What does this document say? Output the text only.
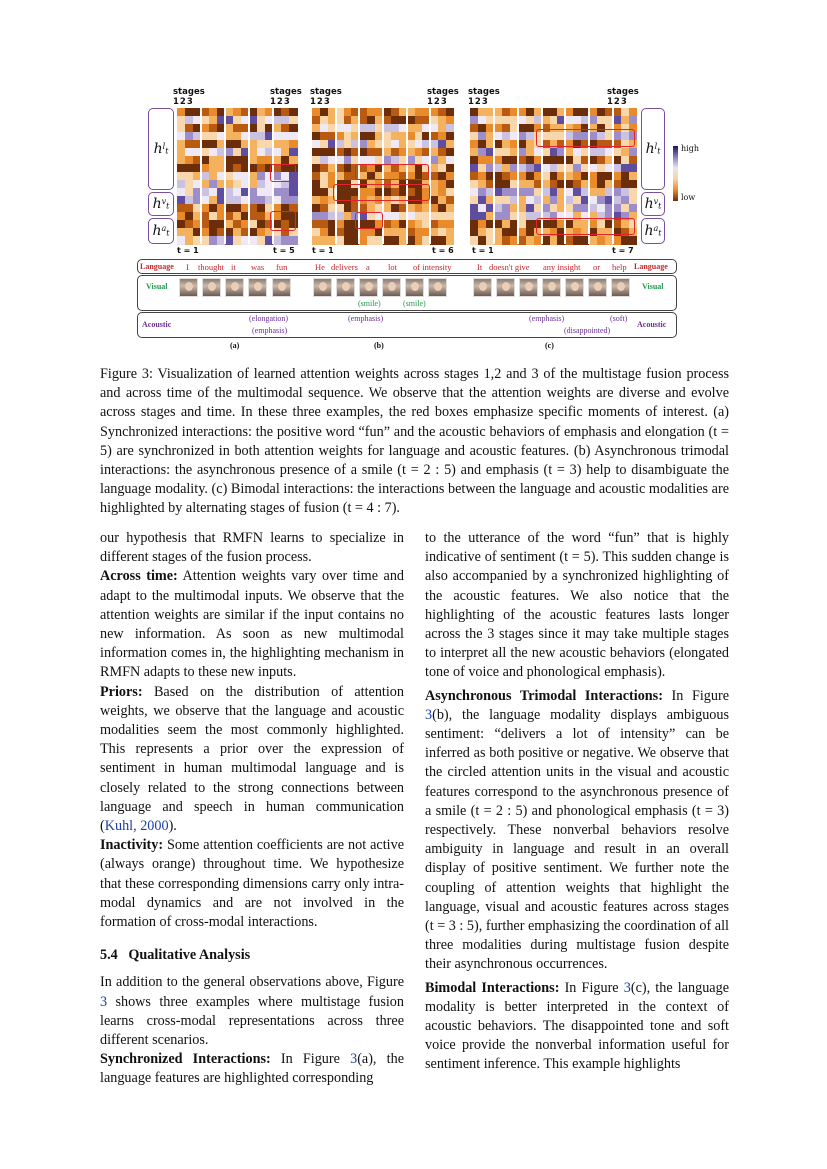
stages
123
stages
123
stages
123
stages
123
stages
123
stages
123
h $^l$t
h $^v$t
h $^a$t
h $^l$t
h $^v$t
h $^a$t
high
low
t = 1	t = 5 t = 1	t = 6 t = 1	t = 7
Language	Language
I thought it was fun	He delivers a lot of intensity	It doesn't give any insight or help
Visual	Visual
(smile)	(smile)
Acoustic	Acoustic
(elongation)
(emphasis)
(emphasis)	(emphasis)	(soft)
(disappointed)
(a)	(b)	(c)
Figure 3: Visualization of learned attention weights across stages 1,2 and 3 of the multistage fusion process and across time of the multimodal sequence. We observe that the attention weights are diverse and evolve across stages and time. In these three examples, the red boxes emphasize specific moments of interest. (a) Synchronized interactions: the positive word “fun” and the acoustic behaviors of emphasis and elongation (t = 5) are synchronized in both attention weights for language and acoustic features. (b) Asynchronous trimodal interactions: the asynchronous presence of a smile (t = 2 : 5) and emphasis (t = 3) help to disambiguate the language modality. (c) Bimodal interactions: the interactions between the language and acoustic modalities are highlighted by alternating stages of fusion (t = 4 : 7).

our hypothesis that RMFN learns to specialize in different stages of the fusion process.

Across time: Attention weights vary over time and adapt to the multimodal inputs. We observe that the attention weights are similar if the input contains no new information. As soon as new multimodal information comes in, the highlighting mechanism in RMFN adapts to these new inputs.

Priors: Based on the distribution of attention weights, we observe that the language and acoustic modalities seem the most commonly highlighted. This represents a prior over the expression of sentiment in human multimodal language and is closely related to the strong connections between language and speech in human communication (Kuhl, 2000).

Inactivity: Some attention coefficients are not active (always orange) throughout time. We hypothesize that these corresponding dimensions carry only intra-modal dynamics and are not involved in the formation of cross-modal interactions.

5.4   Qualitative Analysis

In addition to the general observations above, Figure 3 shows three examples where multistage fusion learns cross-modal representations across three different scenarios.

Synchronized Interactions: In Figure 3(a), the language features are highlighted corresponding

to the utterance of the word “fun” that is highly indicative of sentiment (t = 5). This sudden change is also accompanied by a synchronized highlighting of the acoustic features. We also notice that the highlighting of the acoustic features lasts longer across the 3 stages since it may take multiple stages to interpret all the new acoustic behaviors (elongated tone of voice and phonological emphasis).

Asynchronous Trimodal Interactions: In Figure 3(b), the language modality displays ambiguous sentiment: “delivers a lot of intensity” can be inferred as both positive or negative. We observe that the circled attention units in the visual and acoustic features correspond to the asynchronous presence of a smile (t = 2 : 5) and phonological emphasis (t = 3) respectively. These nonverbal behaviors resolve ambiguity in language and result in an overall display of positive sentiment. We further note the coupling of attention weights that highlight the language, visual and acoustic features across stages (t = 3 : 5), further emphasizing the coordination of all three modalities during multistage fusion despite their asynchronous occurrences.

Bimodal Interactions: In Figure 3(c), the language modality is better interpreted in the context of acoustic behaviors. The disappointed tone and soft voice provide the nonverbal information useful for sentiment inference. This example highlights
